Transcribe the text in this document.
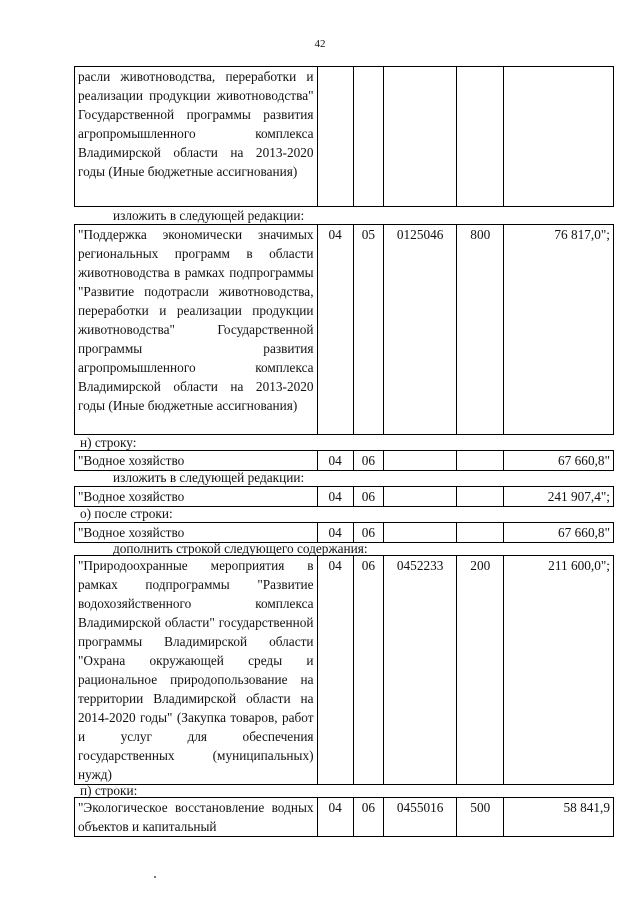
42
расли животноводства, переработки и реализации продукции животноводства" Государственной программы развития агропромышленного комплекса Владимирской области на 2013-2020 годы (Иные бюджетные ассигнования)					
изложить в следующей редакции:
"Поддержка экономически значимых региональных программ в области животноводства в рамках подпрограммы "Развитие подотрасли животноводства, переработки и реализации продукции животноводства" Государственной программы развития агропромышленного комплекса Владимирской области на 2013-2020 годы (Иные бюджетные ассигнования)	04	05	0125046	800	76 817,0";
н) строку:
"Водное хозяйство	04	06			67 660,8"
изложить в следующей редакции:
"Водное хозяйство	04	06			241 907,4";
о) после строки:
"Водное хозяйство	04	06			67 660,8"
дополнить строкой следующего содержания:
"Природоохранные мероприятия в рамках подпрограммы "Развитие водохозяйственного комплекса Владимирской области" государственной программы Владимирской области "Охрана окружающей среды и рациональное природопользование на территории Владимирской области на 2014-2020 годы" (Закупка товаров, работ и услуг для обеспечения государственных (муниципальных) нужд)	04	06	0452233	200	211 600,0";
п) строки:
"Экологическое восстановление водных объектов и капитальный	04	06	0455016	500	58 841,9
